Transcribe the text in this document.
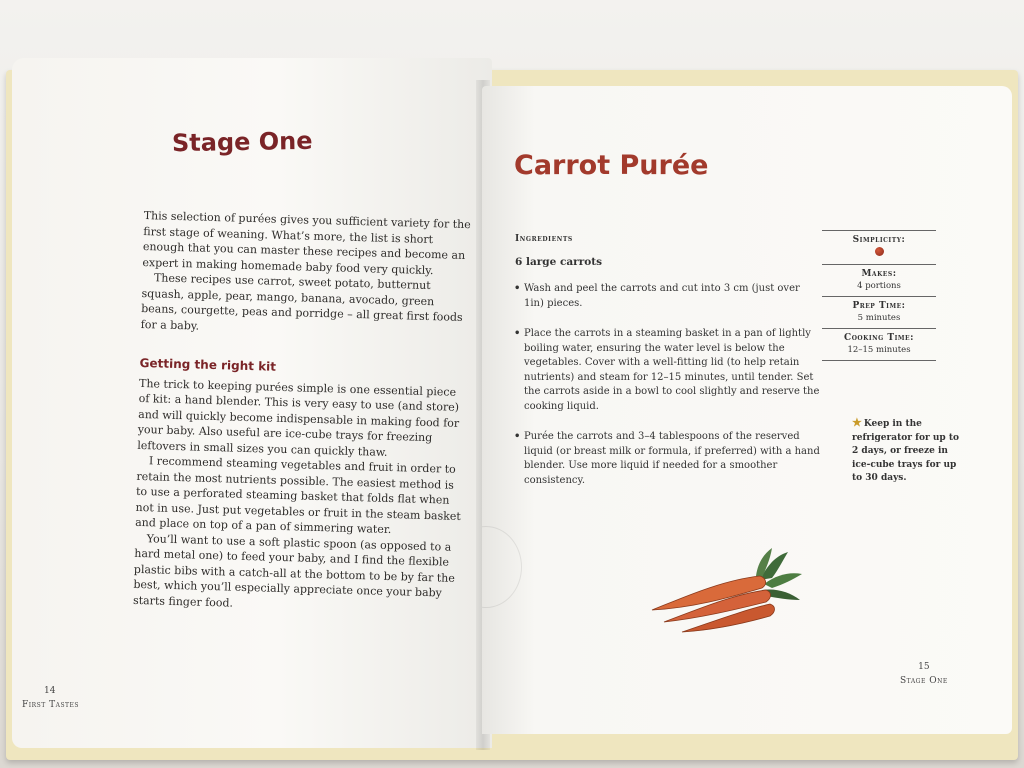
Stage One

This selection of purées gives you sufficient variety for the first stage of weaning. What’s more, the list is short enough that you can master these recipes and become an expert in making homemade baby food very quickly.

These recipes use carrot, sweet potato, butternut squash, apple, pear, mango, banana, avocado, green beans, courgette, peas and porridge – all great first foods for a baby.

Getting the right kit

The trick to keeping purées simple is one essential piece of kit: a hand blender. This is very easy to use (and store) and will quickly become indispensable in making food for your baby. Also useful are ice-cube trays for freezing leftovers in small sizes you can quickly thaw.

I recommend steaming vegetables and fruit in order to retain the most nutrients possible. The easiest method is to use a perforated steaming basket that folds flat when not in use. Just put vegetables or fruit in the steam basket and place on top of a pan of simmering water.

You’ll want to use a soft plastic spoon (as opposed to a hard metal one) to feed your baby, and I find the flexible plastic bibs with a catch-all at the bottom to be by far the best, which you’ll especially appreciate once your baby starts finger food.

14
First Tastes
Carrot Purée
Ingredients
6 large carrots
• Wash and peel the carrots and cut into 3 cm (just over 1in) pieces.
• Place the carrots in a steaming basket in a pan of lightly boiling water, ensuring the water level is below the vegetables. Cover with a well-fitting lid (to help retain nutrients) and steam for 12–15 minutes, until tender. Set the carrots aside in a bowl to cool slightly and reserve the cooking liquid.
• Purée the carrots and 3–4 tablespoons of the reserved liquid (or breast milk or formula, if preferred) with a hand blender. Use more liquid if needed for a smoother consistency.
Simplicity:
Makes:
4 portions
Prep Time:
5 minutes
Cooking Time:
12–15 minutes
★ Keep in the refrigerator for up to 2 days, or freeze in ice-cube trays for up to 30 days.
15
Stage One
